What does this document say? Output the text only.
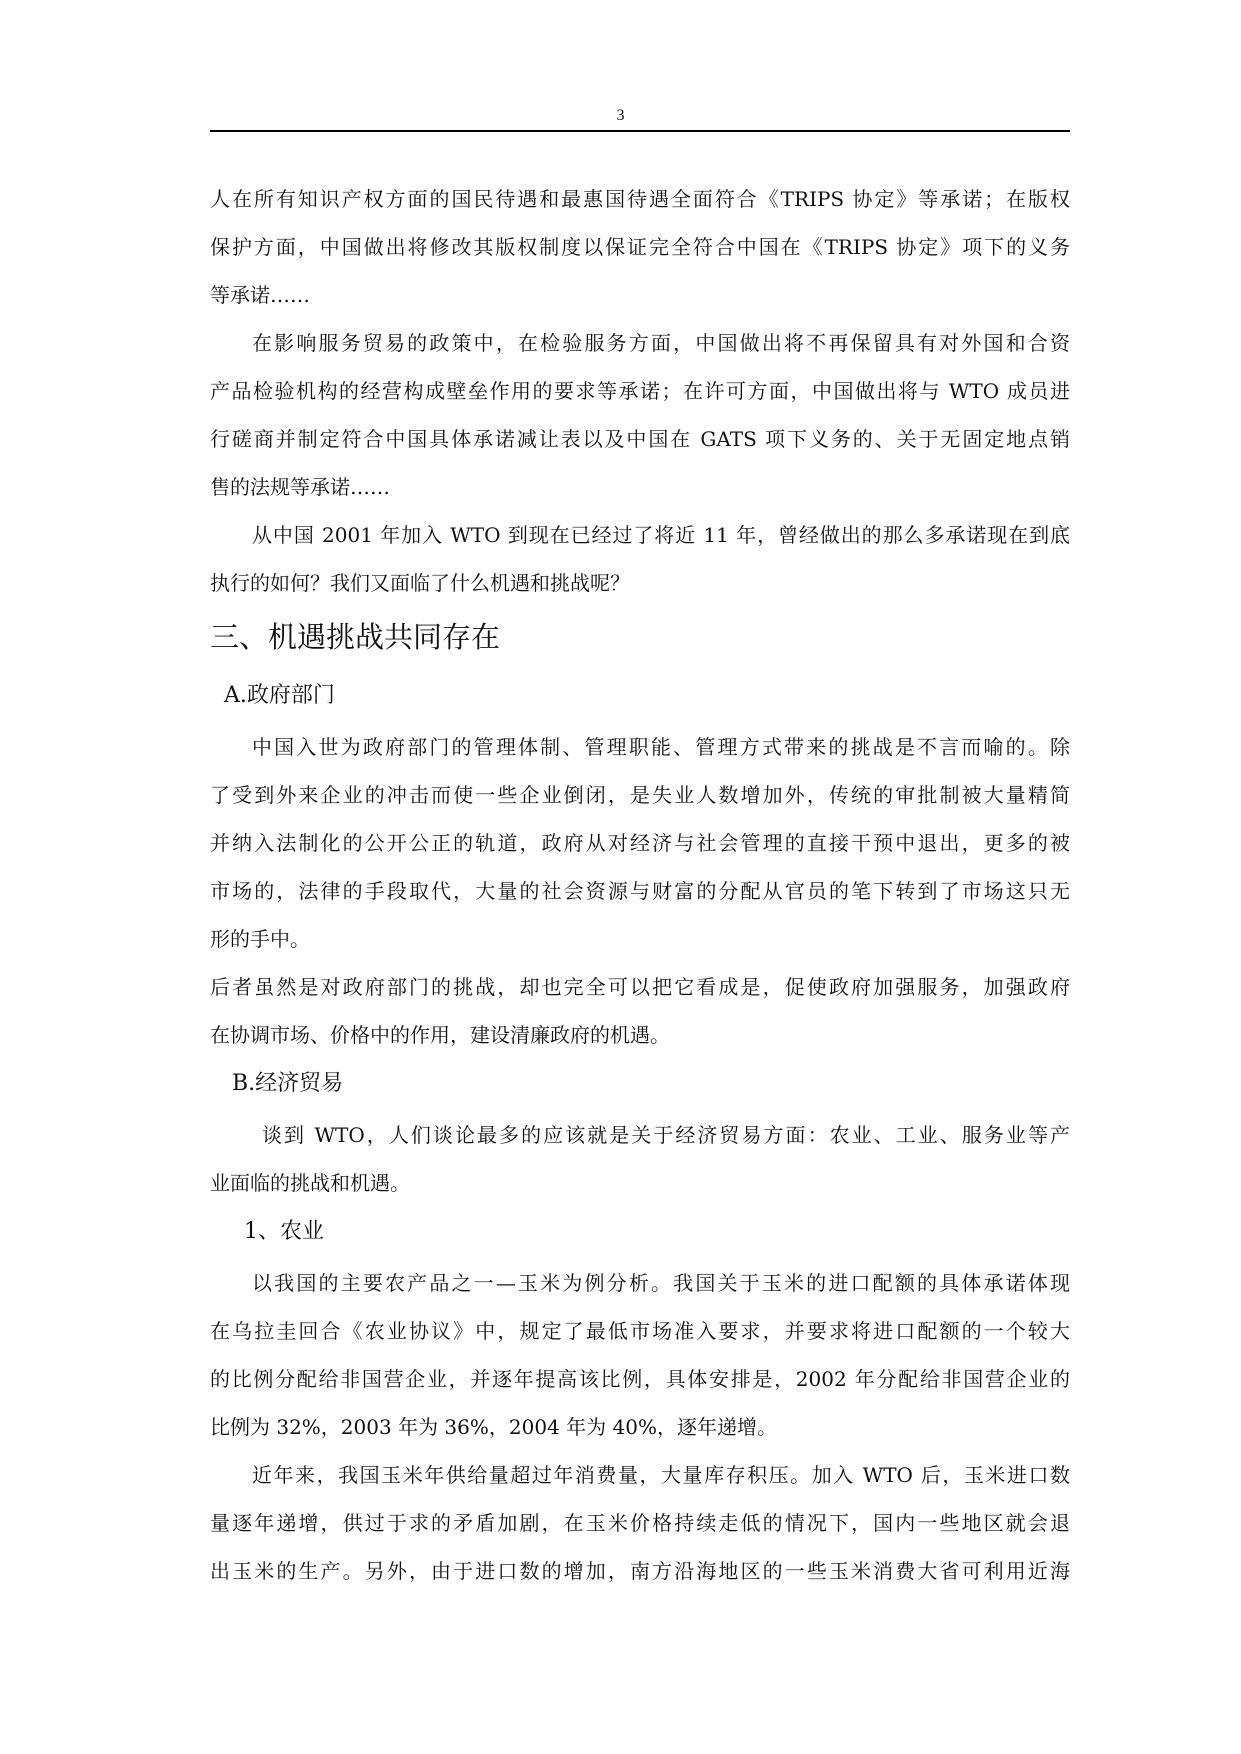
3
人在所有知识产权方面的国民待遇和最惠国待遇全面符合《TRIPS 协定》等承诺；在版权
保护方面，中国做出将修改其版权制度以保证完全符合中国在《TRIPS 协定》项下的义务
等承诺……
在影响服务贸易的政策中，在检验服务方面，中国做出将不再保留具有对外国和合资
产品检验机构的经营构成壁垒作用的要求等承诺；在许可方面，中国做出将与 WTO 成员进
行磋商并制定符合中国具体承诺减让表以及中国在 GATS 项下义务的、关于无固定地点销
售的法规等承诺……
从中国 2001 年加入 WTO 到现在已经过了将近 11 年，曾经做出的那么多承诺现在到底
执行的如何？我们又面临了什么机遇和挑战呢？
三、机遇挑战共同存在
A.政府部门
中国入世为政府部门的管理体制、管理职能、管理方式带来的挑战是不言而喻的。除
了受到外来企业的冲击而使一些企业倒闭，是失业人数增加外，传统的审批制被大量精简
并纳入法制化的公开公正的轨道，政府从对经济与社会管理的直接干预中退出，更多的被
市场的，法律的手段取代，大量的社会资源与财富的分配从官员的笔下转到了市场这只无
形的手中。
后者虽然是对政府部门的挑战，却也完全可以把它看成是，促使政府加强服务，加强政府
在协调市场、价格中的作用，建设清廉政府的机遇。
B.经济贸易
谈到 WTO，人们谈论最多的应该就是关于经济贸易方面：农业、工业、服务业等产
业面临的挑战和机遇。
1、农业
以我国的主要农产品之一—玉米为例分析。我国关于玉米的进口配额的具体承诺体现
在乌拉圭回合《农业协议》中，规定了最低市场准入要求，并要求将进口配额的一个较大
的比例分配给非国营企业，并逐年提高该比例，具体安排是，2002 年分配给非国营企业的
比例为 32%，2003 年为 36%，2004 年为 40%，逐年递增。
近年来，我国玉米年供给量超过年消费量，大量库存积压。加入 WTO 后，玉米进口数
量逐年递增，供过于求的矛盾加剧，在玉米价格持续走低的情况下，国内一些地区就会退
出玉米的生产。另外，由于进口数的增加，南方沿海地区的一些玉米消费大省可利用近海
